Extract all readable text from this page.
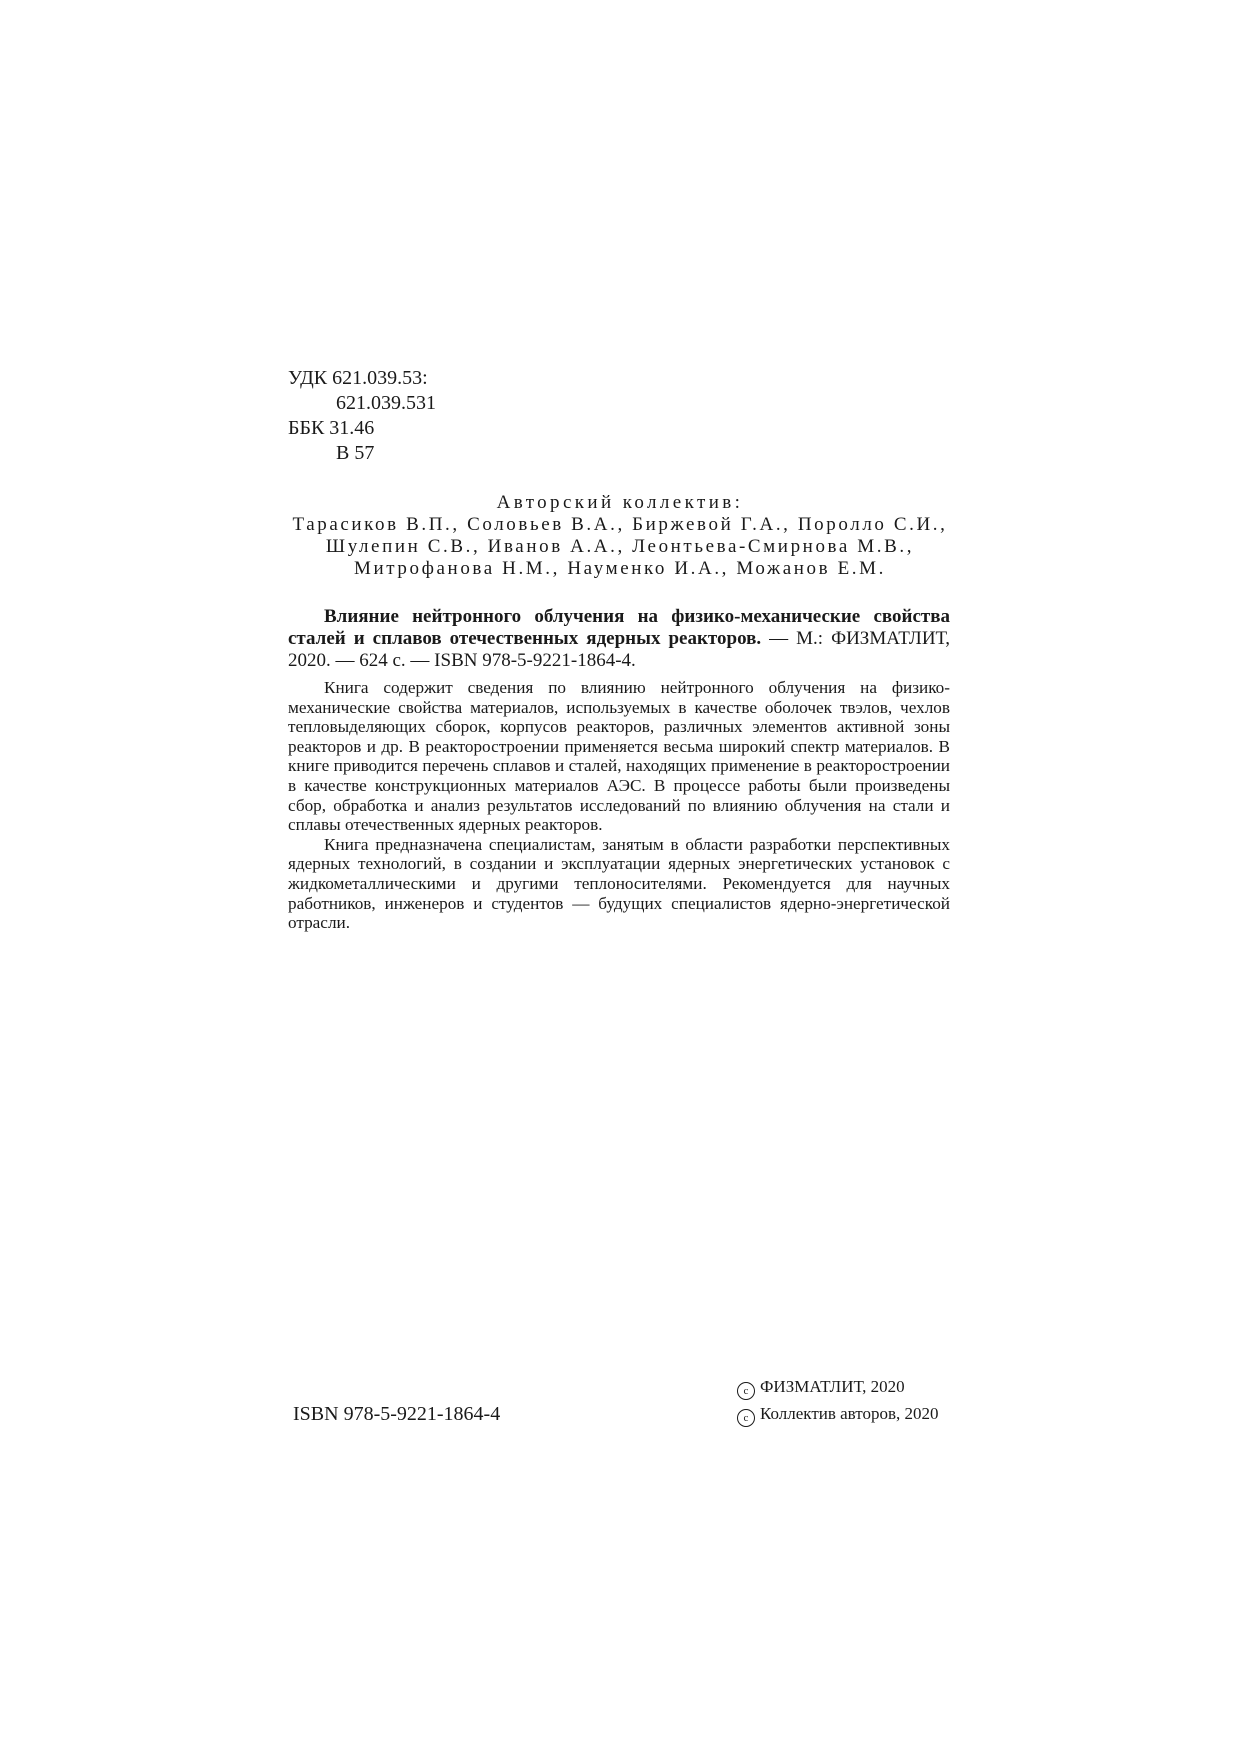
УДК 621.039.53:
621.039.531
ББК 31.46
В 57
Авторский коллектив:
Тарасиков В.П., Соловьев В.А., Биржевой Г.А., Поролло С.И.,
Шулепин С.В., Иванов А.А., Леонтьева-Смирнова М.В.,
Митрофанова Н.М., Науменко И.А., Можанов Е.М.
Влияние нейтронного облучения на физико-механические свойства сталей и сплавов отечественных ядерных реакторов. — М.: ФИЗМАТЛИТ, 2020. — 624 с. — ISBN 978-5-9221-1864-4.

Книга содержит сведения по влиянию нейтронного облучения на физико-механические свойства материалов, используемых в качестве оболочек твэлов, чехлов тепловыделяющих сборок, корпусов реакторов, различных элементов активной зоны реакторов и др. В реакторостроении применяется весьма широкий спектр материалов. В книге приводится перечень сплавов и сталей, находящих применение в реакторостроении в качестве конструкционных материалов АЭС. В процессе работы были произведены сбор, обработка и анализ результатов исследований по влиянию облучения на стали и сплавы отечественных ядерных реакторов.

Книга предназначена специалистам, занятым в области разработки перспективных ядерных технологий, в создании и эксплуатации ядерных энергетических установок с жидкометаллическими и другими теплоносителями. Рекомендуется для научных работников, инженеров и студентов — будущих специалистов ядерно-энергетической отрасли.

ISBN 978-5-9221-1864-4
c ФИЗМАТЛИТ, 2020
c Коллектив авторов, 2020
